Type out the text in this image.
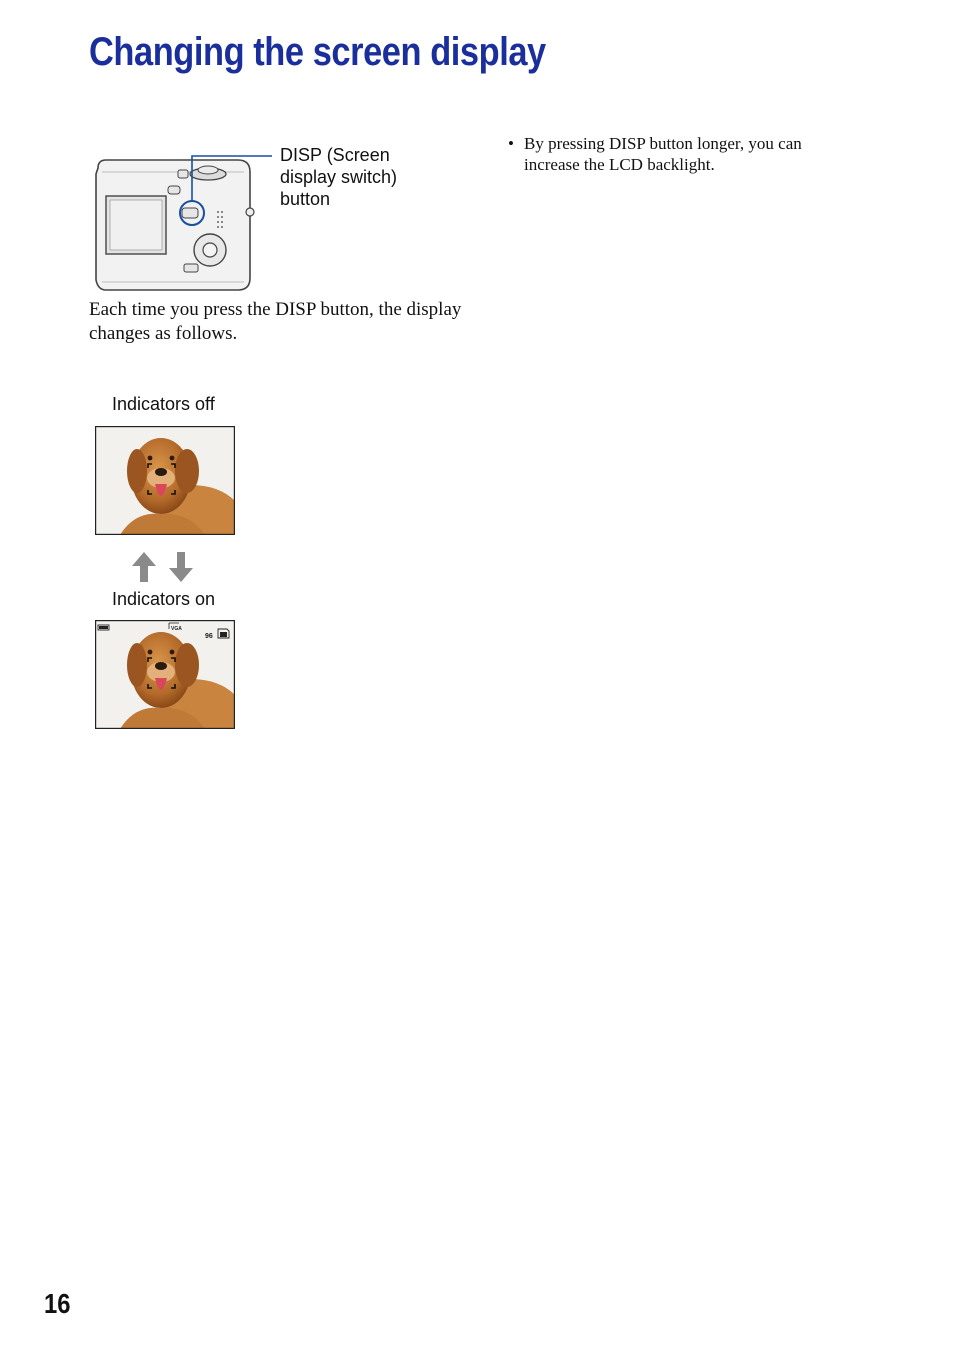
Changing the screen display
DISP (Screen
display switch)
button
Each time you press the DISP button, the display changes as follows.
• By pressing DISP button longer, you can increase the LCD backlight.
Indicators off
Indicators on
VGA
96
16
